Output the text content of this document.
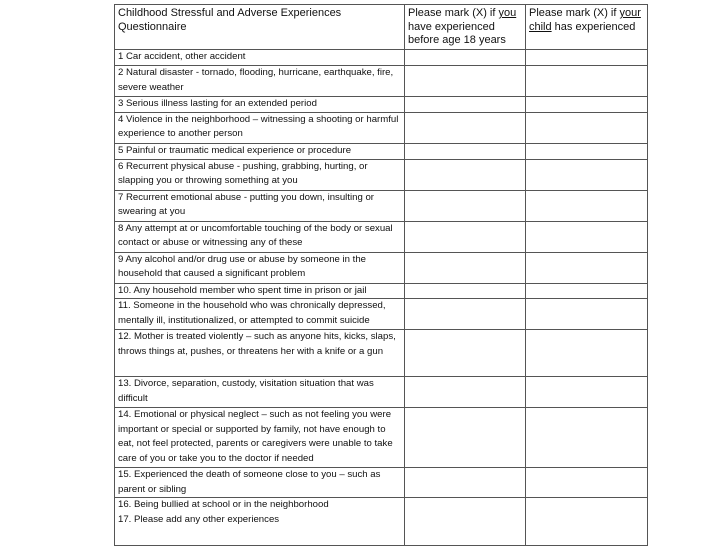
Childhood Stressful and Adverse Experiences Questionnaire	Please mark (X) if you have experienced before age 18 years	Please mark (X) if your child has experienced
1 Car accident, other accident		
2 Natural disaster - tornado, flooding, hurricane, earthquake, fire, severe weather		
3 Serious illness lasting for an extended period		
4 Violence in the neighborhood – witnessing a shooting or harmful experience to another person		
5 Painful or traumatic medical experience or procedure		
6 Recurrent physical abuse - pushing, grabbing, hurting, or slapping you or throwing something at you		
7 Recurrent emotional abuse - putting you down, insulting or swearing at you		
8 Any attempt at or uncomfortable touching of the body or sexual contact or abuse or witnessing any of these		
9 Any alcohol and/or drug use or abuse by someone in the household that caused a significant problem		
10. Any household member who spent time in prison or jail		
11. Someone in the household who was chronically depressed, mentally ill, institutionalized, or attempted to commit suicide		
12. Mother is treated violently – such as anyone hits, kicks, slaps, throws things at, pushes, or threatens her with a knife or a gun		
13. Divorce, separation, custody, visitation situation that was difficult		
14. Emotional or physical neglect – such as not feeling you were important or special or supported by family, not have enough to eat, not feel protected, parents or caregivers were unable to take care of you or take you to the doctor if needed		
15. Experienced the death of someone close to you – such as parent or sibling		

16. Being bullied at school or in the neighborhood
17. Please add any other experiences		
